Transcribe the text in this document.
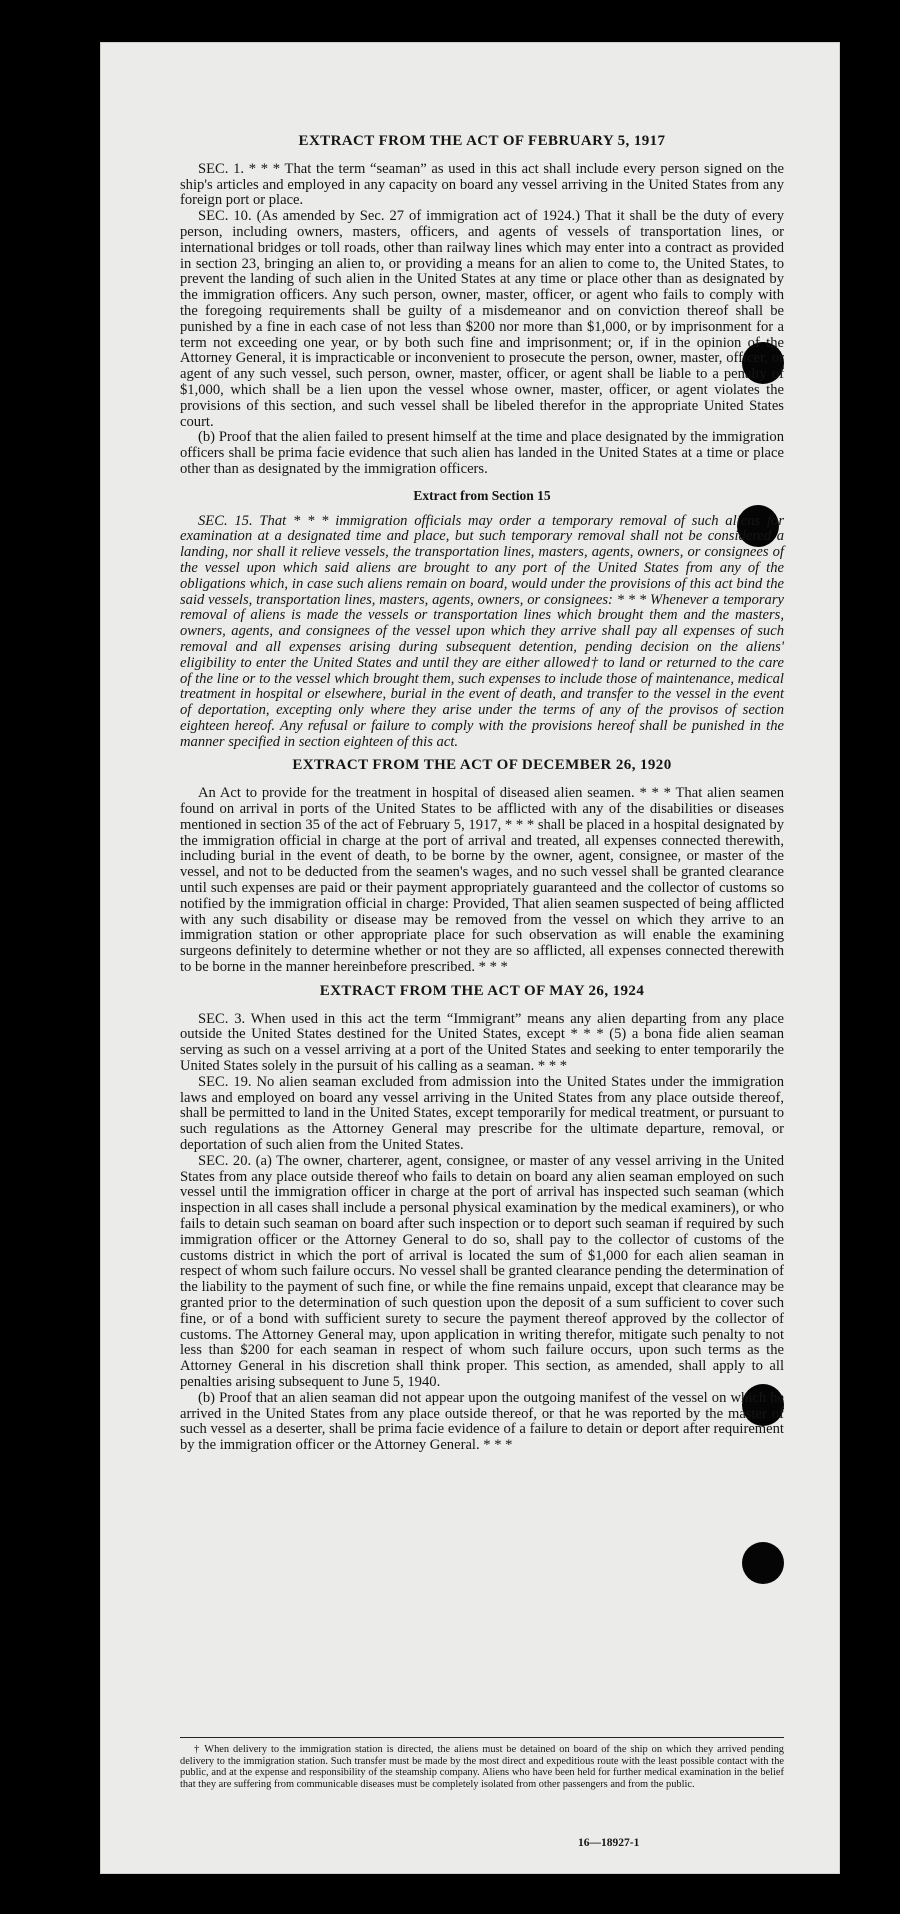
EXTRACT FROM THE ACT OF FEBRUARY 5, 1917

SEC. 1. * * * That the term “seaman” as used in this act shall include every person signed on the ship's articles and employed in any capacity on board any vessel arriving in the United States from any foreign port or place.

SEC. 10. (As amended by Sec. 27 of immigration act of 1924.) That it shall be the duty of every person, including owners, masters, officers, and agents of vessels of transportation lines, or international bridges or toll roads, other than railway lines which may enter into a contract as provided in section 23, bringing an alien to, or providing a means for an alien to come to, the United States, to prevent the landing of such alien in the United States at any time or place other than as designated by the immigration officers. Any such person, owner, master, officer, or agent who fails to comply with the foregoing requirements shall be guilty of a misdemeanor and on conviction thereof shall be punished by a fine in each case of not less than $200 nor more than $1,000, or by imprisonment for a term not exceeding one year, or by both such fine and imprisonment; or, if in the opinion of the Attorney General, it is impracticable or inconvenient to prosecute the person, owner, master, officer, or agent of any such vessel, such person, owner, master, officer, or agent shall be liable to a penalty of $1,000, which shall be a lien upon the vessel whose owner, master, officer, or agent violates the provisions of this section, and such vessel shall be libeled therefor in the appropriate United States court.

(b) Proof that the alien failed to present himself at the time and place designated by the immigration officers shall be prima facie evidence that such alien has landed in the United States at a time or place other than as designated by the immigration officers.

Extract from Section 15

SEC. 15. That * * * immigration officials may order a temporary removal of such aliens for examination at a designated time and place, but such temporary removal shall not be considered a landing, nor shall it relieve vessels, the transportation lines, masters, agents, owners, or consignees of the vessel upon which said aliens are brought to any port of the United States from any of the obligations which, in case such aliens remain on board, would under the provisions of this act bind the said vessels, transportation lines, masters, agents, owners, or consignees: * * * Whenever a temporary removal of aliens is made the vessels or transportation lines which brought them and the masters, owners, agents, and consignees of the vessel upon which they arrive shall pay all expenses of such removal and all expenses arising during subsequent detention, pending decision on the aliens' eligibility to enter the United States and until they are either allowed† to land or returned to the care of the line or to the vessel which brought them, such expenses to include those of maintenance, medical treatment in hospital or elsewhere, burial in the event of death, and transfer to the vessel in the event of deportation, excepting only where they arise under the terms of any of the provisos of section eighteen hereof. Any refusal or failure to comply with the provisions hereof shall be punished in the manner specified in section eighteen of this act.

EXTRACT FROM THE ACT OF DECEMBER 26, 1920

An Act to provide for the treatment in hospital of diseased alien seamen. * * * That alien seamen found on arrival in ports of the United States to be afflicted with any of the disabilities or diseases mentioned in section 35 of the act of February 5, 1917, * * * shall be placed in a hospital designated by the immigration official in charge at the port of arrival and treated, all expenses connected therewith, including burial in the event of death, to be borne by the owner, agent, consignee, or master of the vessel, and not to be deducted from the seamen's wages, and no such vessel shall be granted clearance until such expenses are paid or their payment appropriately guaranteed and the collector of customs so notified by the immigration official in charge: Provided, That alien seamen suspected of being afflicted with any such disability or disease may be removed from the vessel on which they arrive to an immigration station or other appropriate place for such observation as will enable the examining surgeons definitely to determine whether or not they are so afflicted, all expenses connected therewith to be borne in the manner hereinbefore prescribed. * * *

EXTRACT FROM THE ACT OF MAY 26, 1924

SEC. 3. When used in this act the term “Immigrant” means any alien departing from any place outside the United States destined for the United States, except * * * (5) a bona fide alien seaman serving as such on a vessel arriving at a port of the United States and seeking to enter temporarily the United States solely in the pursuit of his calling as a seaman. * * *

SEC. 19. No alien seaman excluded from admission into the United States under the immigration laws and employed on board any vessel arriving in the United States from any place outside thereof, shall be permitted to land in the United States, except temporarily for medical treatment, or pursuant to such regulations as the Attorney General may prescribe for the ultimate departure, removal, or deportation of such alien from the United States.

SEC. 20. (a) The owner, charterer, agent, consignee, or master of any vessel arriving in the United States from any place outside thereof who fails to detain on board any alien seaman employed on such vessel until the immigration officer in charge at the port of arrival has inspected such seaman (which inspection in all cases shall include a personal physical examination by the medical examiners), or who fails to detain such seaman on board after such inspection or to deport such seaman if required by such immigration officer or the Attorney General to do so, shall pay to the collector of customs of the customs district in which the port of arrival is located the sum of $1,000 for each alien seaman in respect of whom such failure occurs. No vessel shall be granted clearance pending the determination of the liability to the payment of such fine, or while the fine remains unpaid, except that clearance may be granted prior to the determination of such question upon the deposit of a sum sufficient to cover such fine, or of a bond with sufficient surety to secure the payment thereof approved by the collector of customs. The Attorney General may, upon application in writing therefor, mitigate such penalty to not less than $200 for each seaman in respect of whom such failure occurs, upon such terms as the Attorney General in his discretion shall think proper. This section, as amended, shall apply to all penalties arising subsequent to June 5, 1940.

(b) Proof that an alien seaman did not appear upon the outgoing manifest of the vessel on which he arrived in the United States from any place outside thereof, or that he was reported by the master of such vessel as a deserter, shall be prima facie evidence of a failure to detain or deport after requirement by the immigration officer or the Attorney General. * * *

† When delivery to the immigration station is directed, the aliens must be detained on board of the ship on which they arrived pending delivery to the immigration station. Such transfer must be made by the most direct and expeditious route with the least possible contact with the public, and at the expense and responsibility of the steamship company. Aliens who have been held for further medical examination in the belief that they are suffering from communicable diseases must be completely isolated from other passengers and from the public.

16—18927-1
